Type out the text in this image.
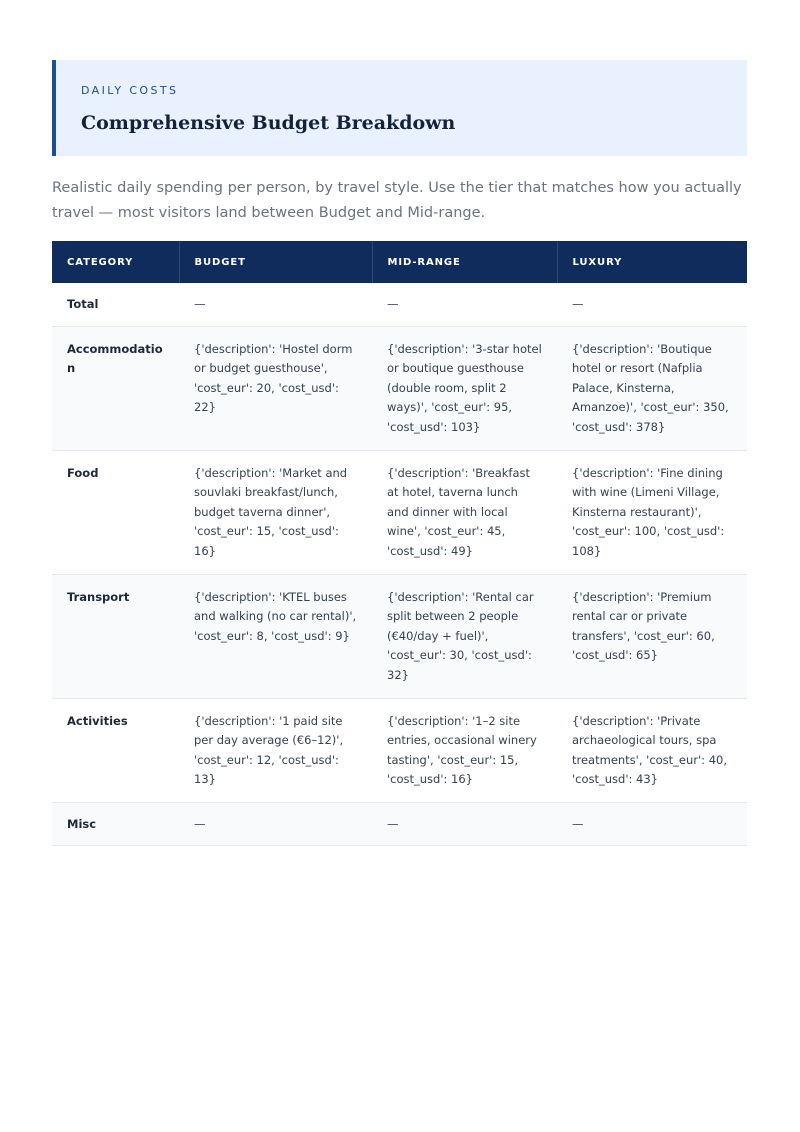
DAILY COSTS
Comprehensive Budget Breakdown

Realistic daily spending per person, by travel style. Use the tier that matches how you actually travel — most visitors land between Budget and Mid-range.

CATEGORY	BUDGET	MID-RANGE	LUXURY
Total	—	—	—
Accommodation	{'description': 'Hostel dorm or budget guesthouse', 'cost_eur': 20, 'cost_usd': 22}	{'description': '3-star hotel or boutique guesthouse (double room, split 2 ways)', 'cost_eur': 95, 'cost_usd': 103}	{'description': 'Boutique hotel or resort (Nafplia Palace, Kinsterna, Amanzoe)', 'cost_eur': 350, 'cost_usd': 378}
Food	{'description': 'Market and souvlaki breakfast/lunch, budget taverna dinner', 'cost_eur': 15, 'cost_usd': 16}	{'description': 'Breakfast at hotel, taverna lunch and dinner with local wine', 'cost_eur': 45, 'cost_usd': 49}	{'description': 'Fine dining with wine (Limeni Village, Kinsterna restaurant)', 'cost_eur': 100, 'cost_usd': 108}
Transport	{'description': 'KTEL buses and walking (no car rental)', 'cost_eur': 8, 'cost_usd': 9}	{'description': 'Rental car split between 2 people (€40/day + fuel)', 'cost_eur': 30, 'cost_usd': 32}	{'description': 'Premium rental car or private transfers', 'cost_eur': 60, 'cost_usd': 65}
Activities	{'description': '1 paid site per day average (€6–12)', 'cost_eur': 12, 'cost_usd': 13}	{'description': '1–2 site entries, occasional winery tasting', 'cost_eur': 15, 'cost_usd': 16}	{'description': 'Private archaeological tours, spa treatments', 'cost_eur': 40, 'cost_usd': 43}
Misc	—	—	—
